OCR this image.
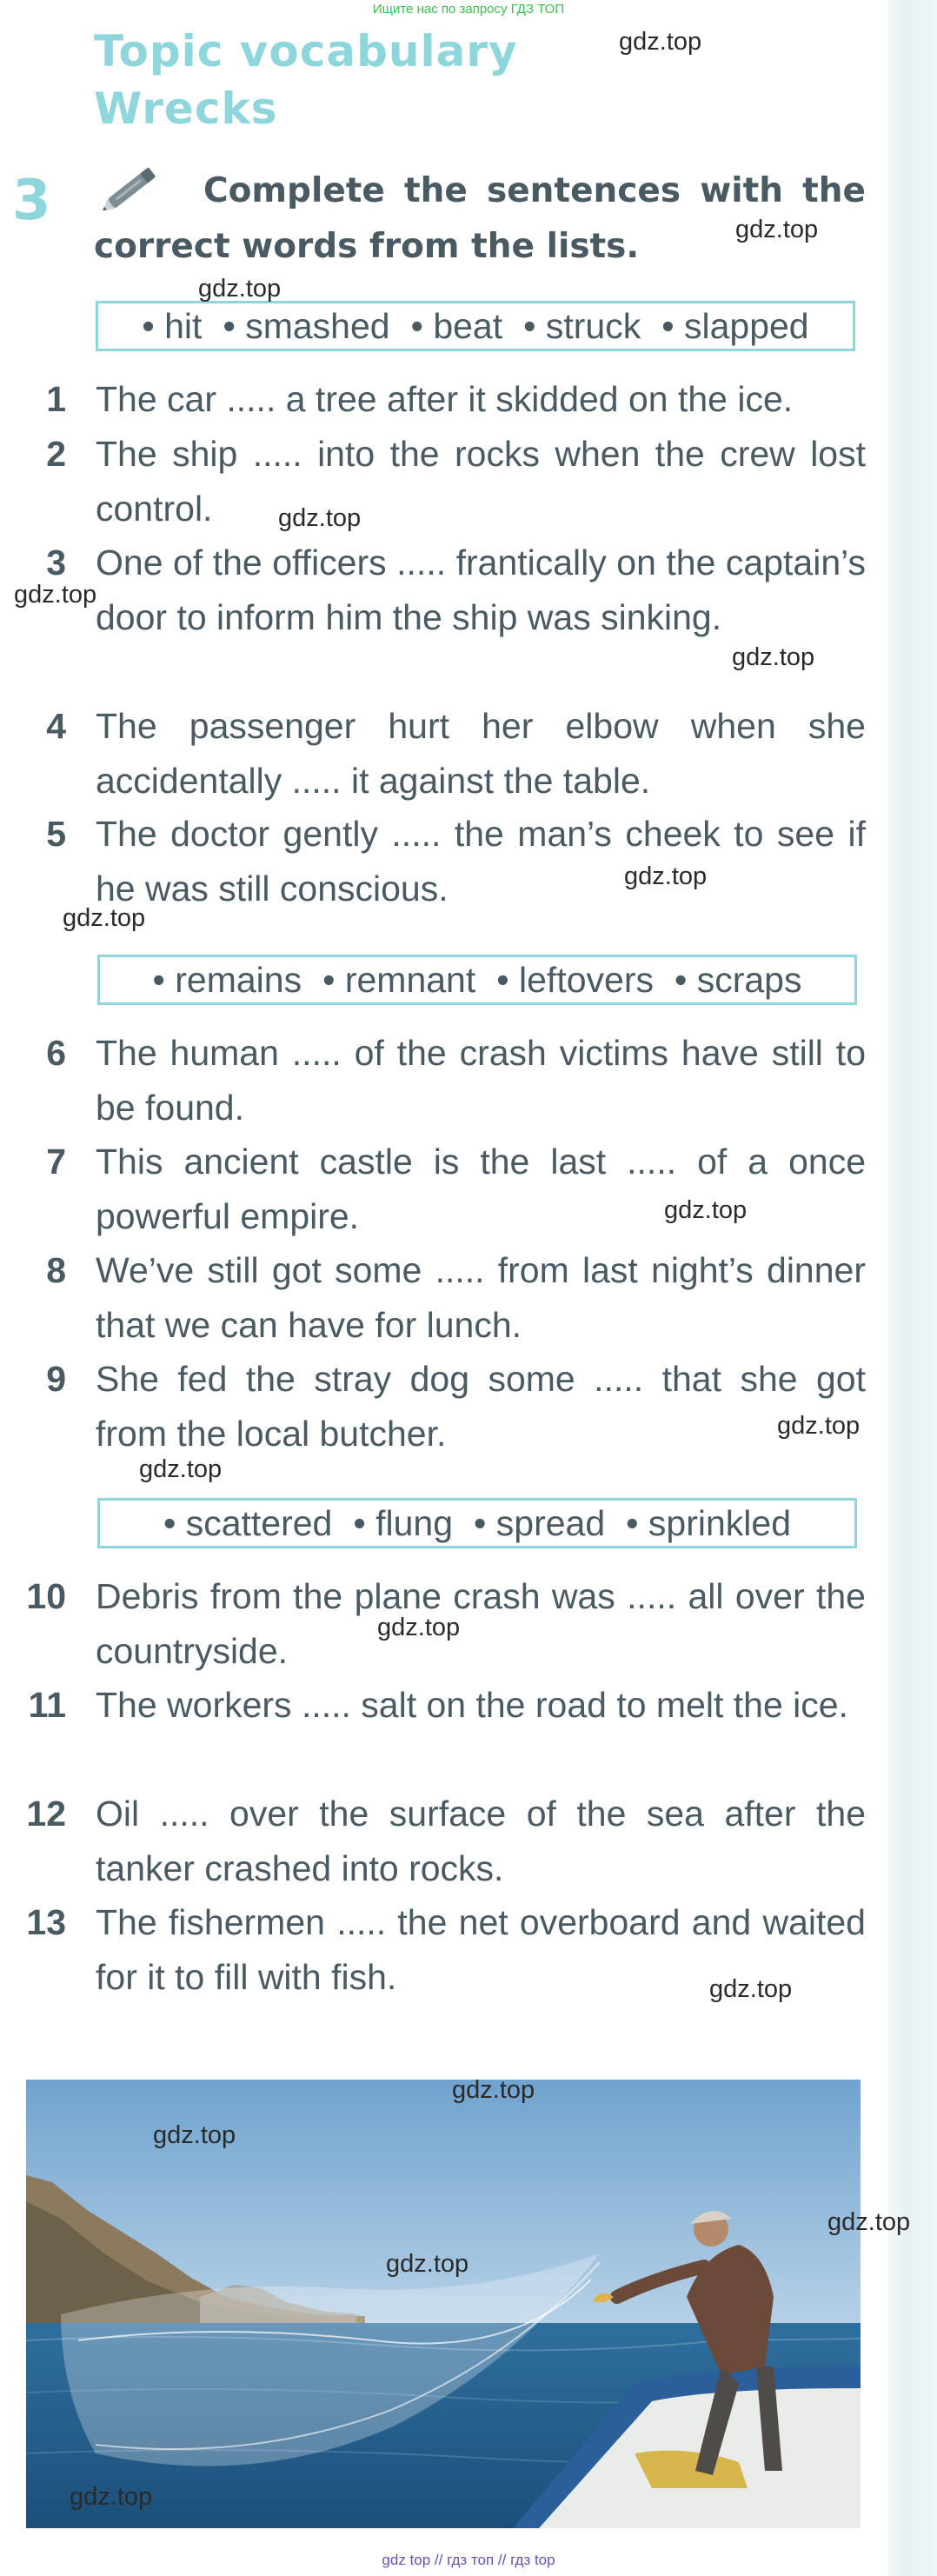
Ищите нас по запросу ГДЗ ТОП
Topic vocabulary
Wrecks
3	Complete the sentences with the correct words from the lists.
• hit	• smashed	• beat	• struck	• slapped
1 The car ..... a tree after it skidded on the ice.
2 The ship ..... into the rocks when the crew lost control.
3 One of the officers ..... frantically on the captain’s door to inform him the ship was sinking.
4 The passenger hurt her elbow when she accidentally ..... it against the table.
5 The doctor gently ..... the man’s cheek to see if he was still conscious.
• remains	• remnant	• leftovers	• scraps
6 The human ..... of the crash victims have still to be found.
7 This ancient castle is the last ..... of a once powerful empire.
8 We’ve still got some ..... from last night’s dinner that we can have for lunch.
9 She fed the stray dog some ..... that she got from the local butcher.
• scattered	• flung	• spread	• sprinkled
10 Debris from the plane crash was ..... all over the countryside.
11 The workers ..... salt on the road to melt the ice.
12 Oil ..... over the surface of the sea after the tanker crashed into rocks.
13 The fishermen ..... the net overboard and waited for it to fill with fish.
gdz.top
gdz.top
gdz.top
gdz.top
gdz.top
gdz.top
gdz.top
gdz.top
gdz.top
gdz.top
gdz.top
gdz.top
gdz.top
gdz.top
gdz.top
gdz.top
gdz.top
gdz.top
gdz top // гдз топ // гдз top
